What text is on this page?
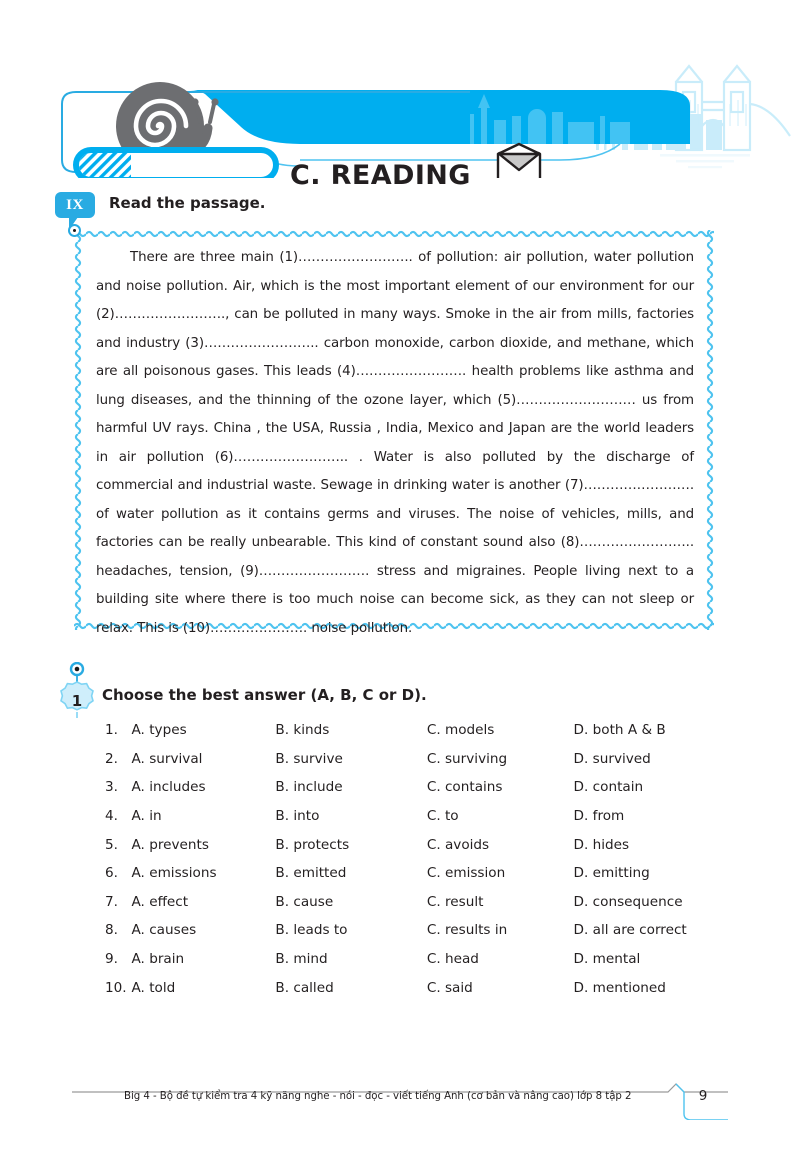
C. READING
IX	Read the passage.
There are three main (1)…………………….. of pollution: air pollution, water pollution and noise pollution. Air, which is the most important element of our environment for our (2)……………………., can be polluted in many ways. Smoke in the air from mills, factories and industry (3)…………………….. carbon monoxide, carbon dioxide, and methane, which are all poisonous gases. This leads (4)……………………. health problems like asthma and lung diseases, and the thinning of the ozone layer, which (5)……………………… us from harmful UV rays. China , the USA, Russia , India, Mexico and Japan are the world leaders in air pollution (6)…………………….. . Water is also polluted by the discharge of commercial and industrial waste. Sewage in drinking water is another (7)……………………. of water pollution as it contains germs and viruses. The noise of vehicles, mills, and factories can be really unbearable. This kind of constant sound also (8)…………………….. headaches, tension, (9)……………………. stress and migraines. People living next to a building site where there is too much noise can become sick, as they can not sleep or relax. This is (10)…………………. noise pollution.
1	Choose the best answer (A, B, C or D).
1. A. types	B. kinds	C. models	D. both A & B
2. A. survival	B. survive	C. surviving	D. survived
3. A. includes	B. include	C. contains	D. contain
4. A. in	B. into	C. to	D. from
5. A. prevents	B. protects	C. avoids	D. hides
6. A. emissions	B. emitted	C. emission	D. emitting
7. A. effect	B. cause	C. result	D. consequence
8. A. causes	B. leads to	C. results in	D. all are correct
9. A. brain	B. mind	C. head	D. mental
10. A. told	B. called	C. said	D. mentioned
Big 4 - Bộ đề tự kiểm tra 4 kỹ năng nghe - nói - đọc - viết tiếng Anh (cơ bản và nâng cao) lớp 8 tập 2	9
